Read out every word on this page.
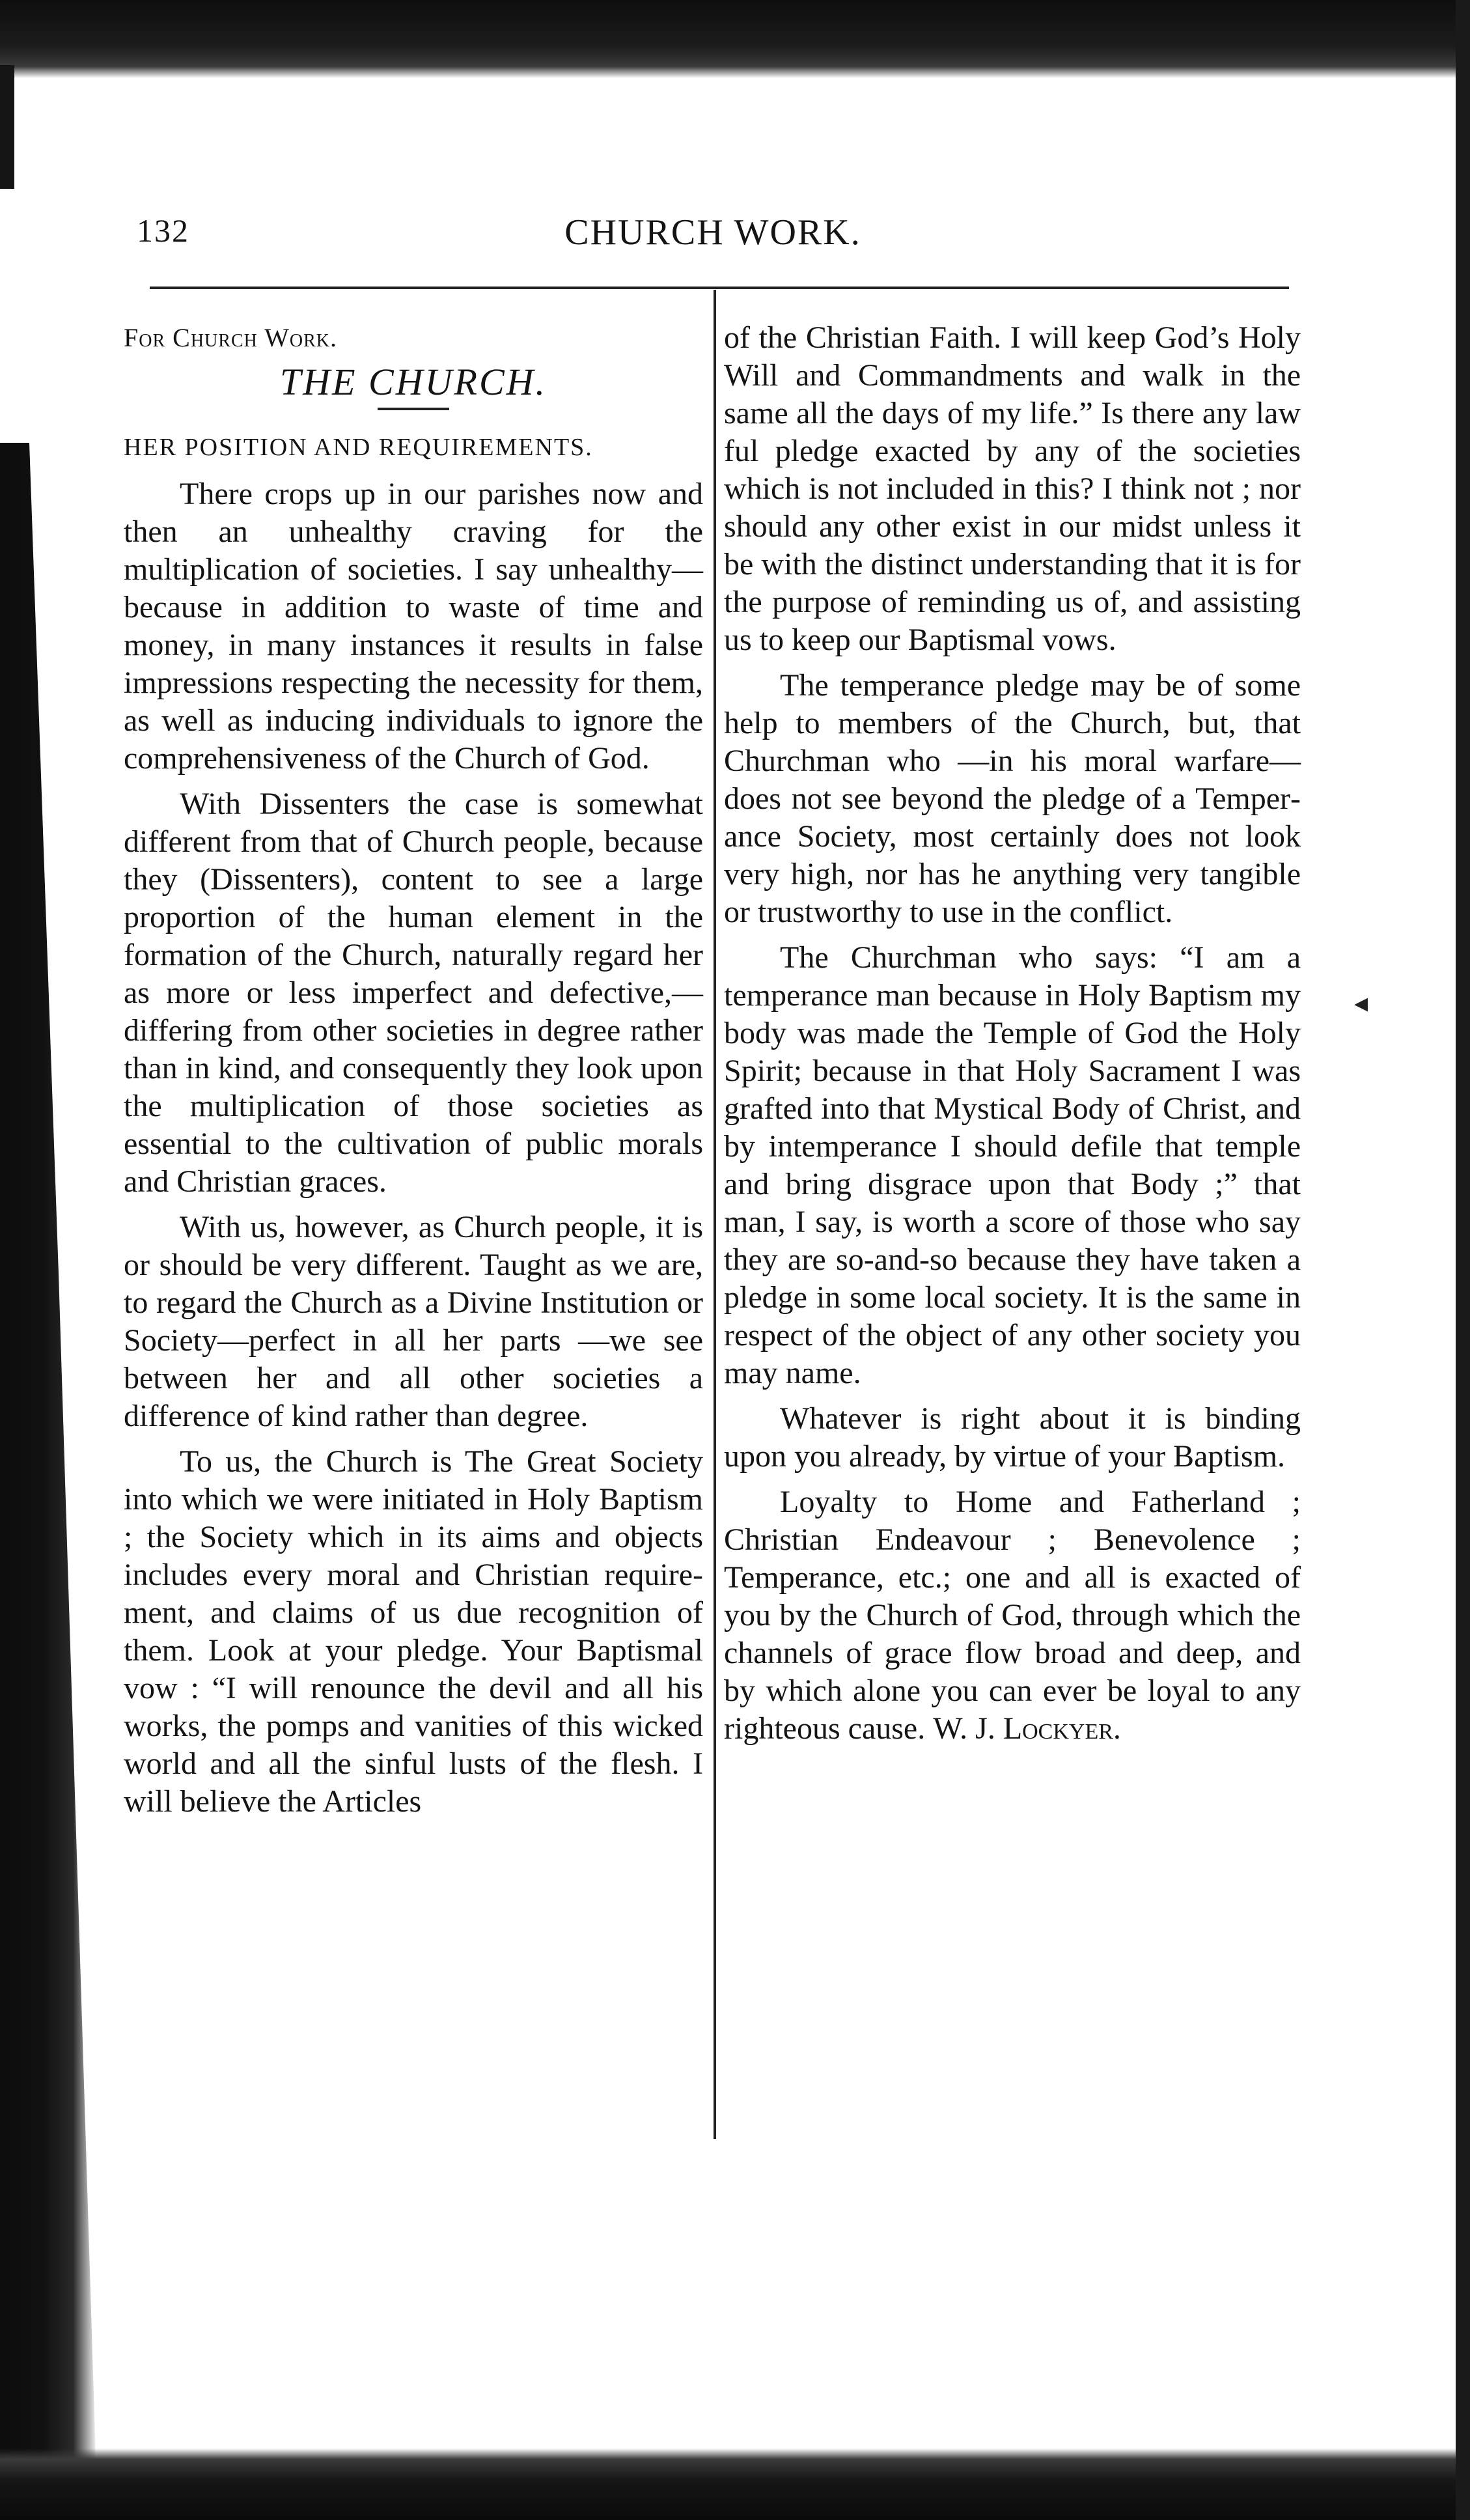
◂
132	CHURCH WORK.
For Church Work.
THE CHURCH.
HER POSITION AND REQUIREMENTS.

There crops up in our parishes now and then an unhealthy craving for the multiplication of societies. I say unhealthy—because in addition to waste of time and money, in many instances it results in false impressions respecting the necessity for them, as well as inducing individuals to ignore the comprehensiveness of the Church of God.

With Dissenters the case is somewhat different from that of Church people, because they (Dissenters), content to see a large proportion of the human element in the formation of the Church, naturally regard her as more or less imperfect and defective,—differing from other societies in degree rather than in kind, and consequently they look upon the multiplication of those societies as essential to the cultivation of public morals and Christian graces.

With us, however, as Church people, it is or should be very different. Taught as we are, to regard the Church as a Divine Institution or Society—perfect in all her parts —we see between her and all other societies a difference of kind rather than degree.

To us, the Church is The Great Society into which we were initiated in Holy Baptism ; the Society which in its aims and objects includes every moral and Christian requirement, and claims of us due recognition of them. Look at your pledge. Your Baptismal vow : “I will renounce the devil and all his works, the pomps and vanities of this wicked world and all the sinful lusts of the flesh. I will believe the Articles

of the Christian Faith. I will keep God’s Holy Will and Commandments and walk in the same all the days of my life.” Is there any law ful pledge exacted by any of the societies which is not included in this? I think not ; nor should any other exist in our midst unless it be with the distinct understanding that it is for the purpose of reminding us of, and assisting us to keep our Baptismal vows.

The temperance pledge may be of some help to members of the Church, but, that Churchman who —in his moral warfare—does not see beyond the pledge of a Temperance Society, most certainly does not look very high, nor has he anything very tangible or trustworthy to use in the conflict.

The Churchman who says: “I am a temperance man because in Holy Baptism my body was made the Temple of God the Holy Spirit; because in that Holy Sacrament I was grafted into that Mystical Body of Christ, and by intemperance I should defile that temple and bring disgrace upon that Body ;” that man, I say, is worth a score of those who say they are so-and-so because they have taken a pledge in some local society. It is the same in respect of the object of any other society you may name.

Whatever is right about it is binding upon you already, by virtue of your Baptism.

Loyalty to Home and Fatherland ; Christian Endeavour ; Benevolence ; Temperance, etc.; one and all is exacted of you by the Church of God, through which the channels of grace flow broad and deep, and by which alone you can ever be loyal to any righteous cause. W. J. Lockyer.
